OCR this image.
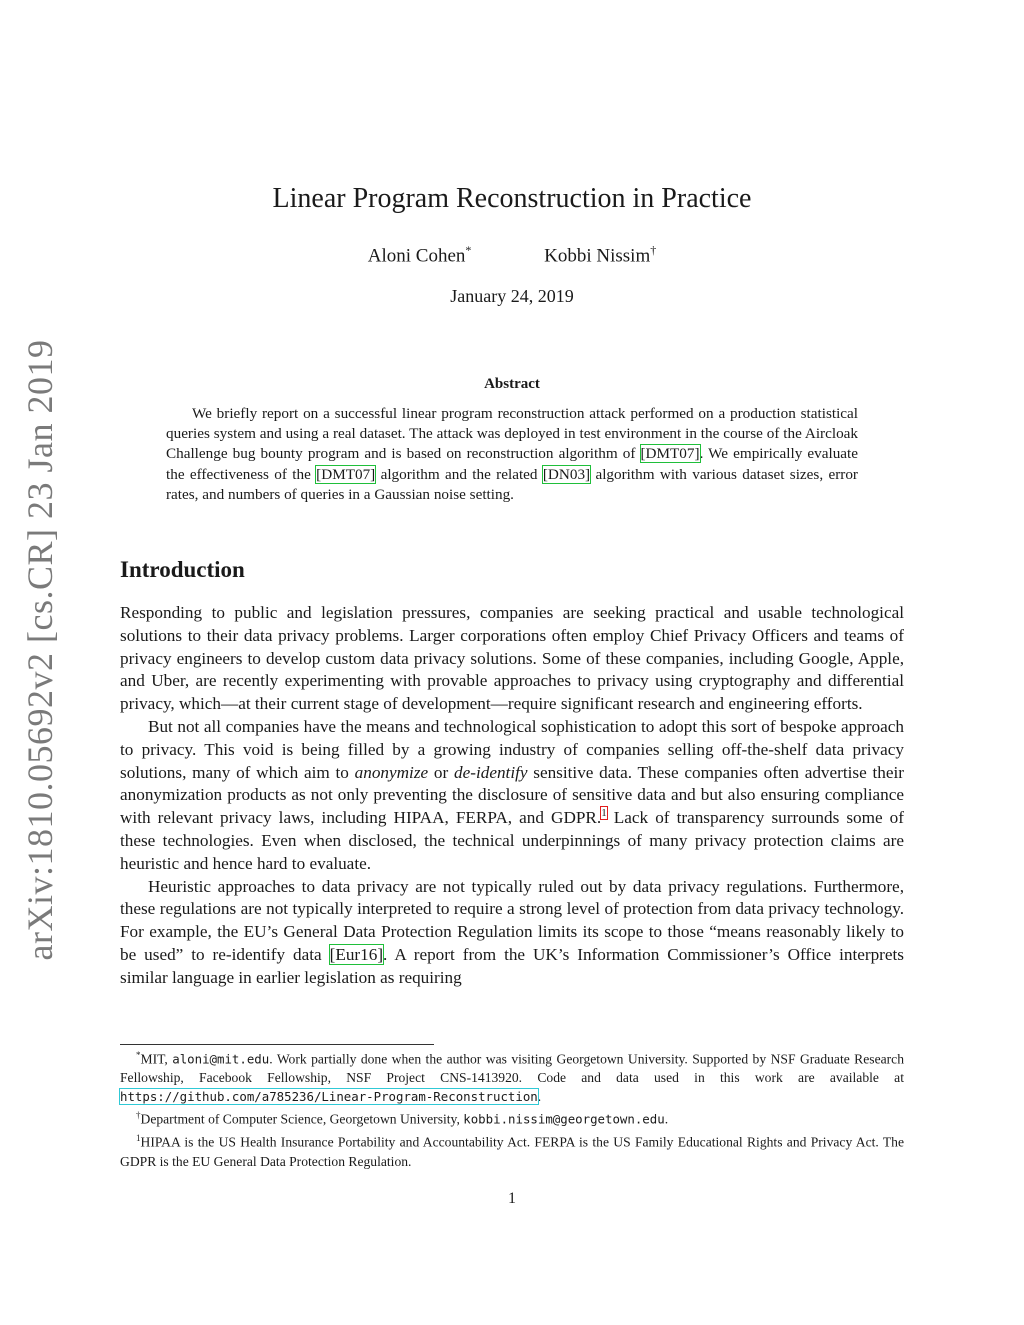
arXiv:1810.05692v2 [cs.CR] 23 Jan 2019
Linear Program Reconstruction in Practice
Aloni Cohen*	Kobbi Nissim†
January 24, 2019
Abstract

We briefly report on a successful linear program reconstruction attack performed on a production statistical queries system and using a real dataset. The attack was deployed in test environment in the course of the Aircloak Challenge bug bounty program and is based on reconstruction algorithm of [DMT07]. We empirically evaluate the effectiveness of the [DMT07] algorithm and the related [DN03] algorithm with various dataset sizes, error rates, and numbers of queries in a Gaussian noise setting.

Introduction

Responding to public and legislation pressures, companies are seeking practical and usable technological solutions to their data privacy problems. Larger corporations often employ Chief Privacy Officers and teams of privacy engineers to develop custom data privacy solutions. Some of these companies, including Google, Apple, and Uber, are recently experimenting with provable approaches to privacy using cryptography and differential privacy, which—at their current stage of development—require significant research and engineering efforts.

But not all companies have the means and technological sophistication to adopt this sort of bespoke approach to privacy. This void is being filled by a growing industry of companies selling off-the-shelf data privacy solutions, many of which aim to anonymize or de-identify sensitive data. These companies often advertise their anonymization products as not only preventing the disclosure of sensitive data and but also ensuring compliance with relevant privacy laws, including HIPAA, FERPA, and GDPR.$^1$ Lack of transparency surrounds some of these technologies. Even when disclosed, the technical underpinnings of many privacy protection claims are heuristic and hence hard to evaluate.

Heuristic approaches to data privacy are not typically ruled out by data privacy regulations. Furthermore, these regulations are not typically interpreted to require a strong level of protection from data privacy technology. For example, the EU’s General Data Protection Regulation limits its scope to those “means reasonably likely to be used” to re-identify data [Eur16]. A report from the UK’s Information Commissioner’s Office interprets similar language in earlier legislation as requiring

*MIT, aloni@mit.edu. Work partially done when the author was visiting Georgetown University. Supported by NSF Graduate Research Fellowship, Facebook Fellowship, NSF Project CNS-1413920. Code and data used in this work are available at https://github.com/a785236/Linear-Program-Reconstruction.

†Department of Computer Science, Georgetown University, kobbi.nissim@georgetown.edu.

$^1$HIPAA is the US Health Insurance Portability and Accountability Act. FERPA is the US Family Educational Rights and Privacy Act. The GDPR is the EU General Data Protection Regulation.

1
